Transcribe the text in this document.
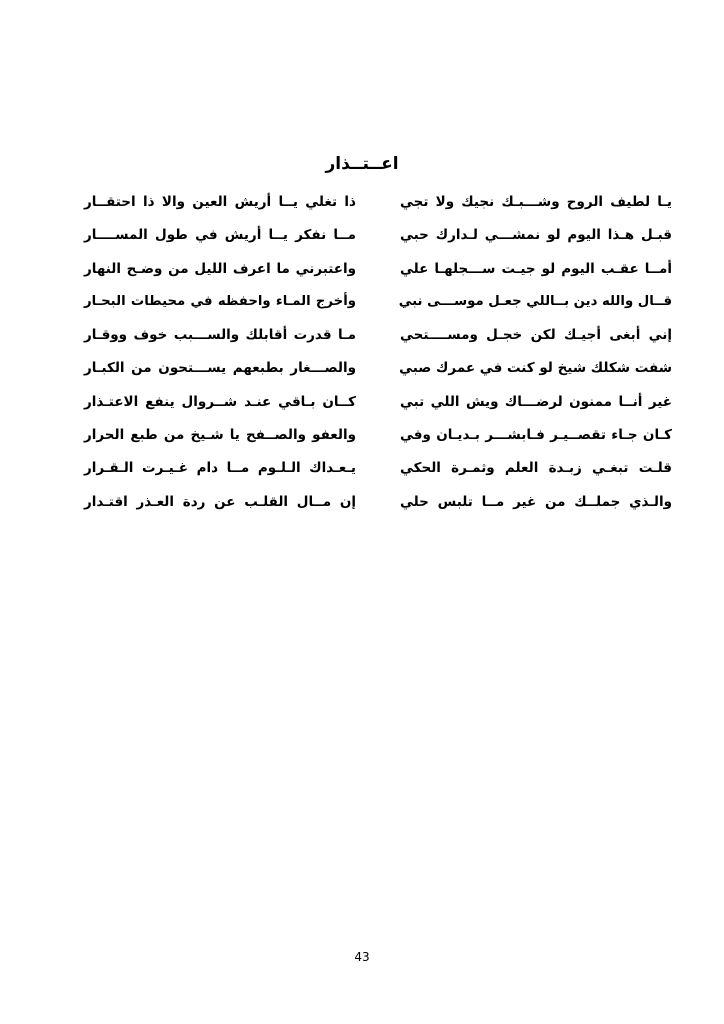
اعــتــذار
يـا لطيف الروح وشـــبـك نجيك ولا تجي
ذا تغلي يــا أريش العين والا ذا احتقــار
قبـل هـذا اليوم لو نمشـــي لـدارك حبي
مــا نفكر يــا أريش في طول المســــار
أمــا عقـب اليوم لو جيـت ســـجلهـا علي
واعتبرني ما اعرف الليل من وضـح النهار
قــال والله دين بــاللي جعـل موســـى نبي
وأخرج المـاء واحفظه في محيطات البحـار
إني أبغى أجيـك لكن خجـل ومســــتحي
مـا قدرت أقابلك والســـبب خوف ووقـار
شفت شكلك شيخ لو كنت في عمرك صبي
والصـــغار بطبعهم يســـتحون من الكبـار
غير أنــا ممنون لرضـــاك ويش اللي تبي
كــان بـاقي عنـد شــروال ينفع الاعتـذار
كـان جـاء تقصــيـر فـابشـــر بـديـان وفي
والعفو والصــفح يا شـيخ من طبع الحرار
قلـت تبغـي زبـدة العلم وثمـرة الحكي
يـعـداك الـلـوم مــا دام غـيـرت الـقـرار
والـذي جملــك من غير مــا تلبس حلي
إن مــال القلـب عن ردة العـذر اقتـدار
43
